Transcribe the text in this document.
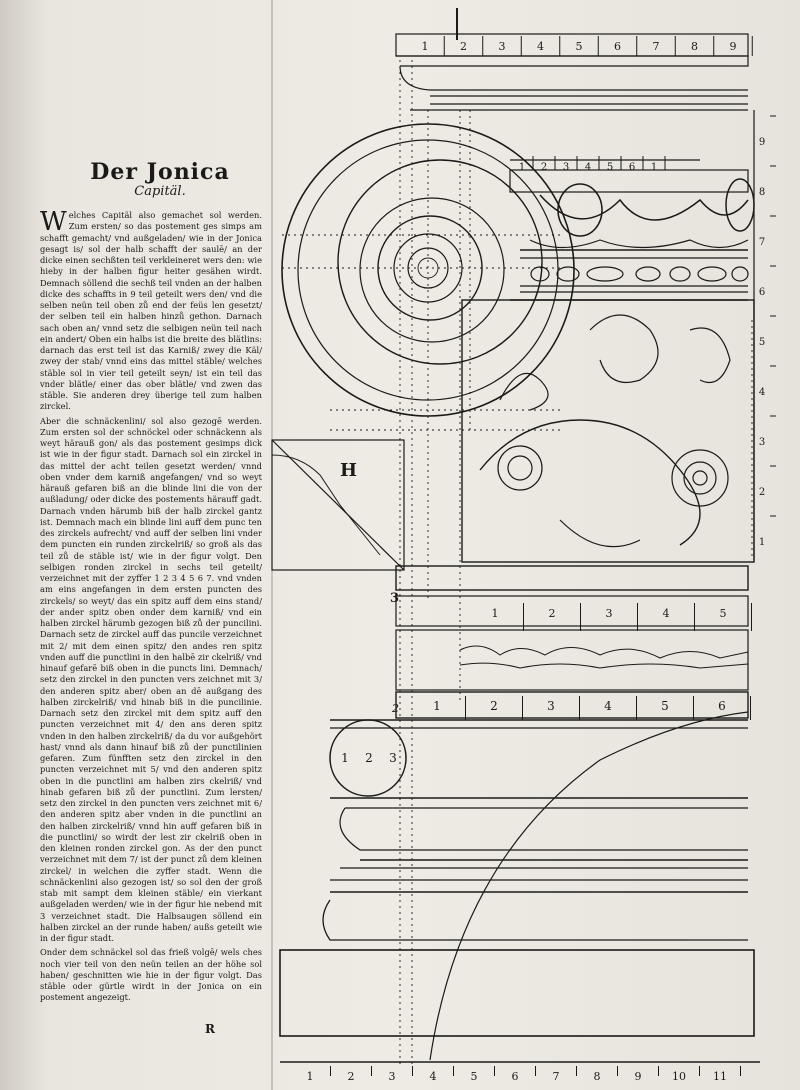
Der Jonica
Capitäl.

Welches Capitäl also gemachet sol werden. Zum ersten/ so das postement ges simps am schafft gemacht/ vnd außgeladen/ wie in der Jonica gesagt is/ sol der halb schafft der saulē/ an der dicke einen sechßten teil verkleineret wers den: wie hieby in der halben figur heiter gesähen wirdt. Demnach söllend die sechß teil vnden an der halben dicke des schaffts in 9 teil geteilt wers den/ vnd die selben neün teil oben zů end der feüs len gesetzt/ der selben teil ein halben hinzů gethon. Darnach sach oben an/ vnnd setz die selbigen neün teil nach ein andert/ Oben ein halbs ist die breite des blätlins: darnach das erst teil ist das Karniß/ zwey die Käl/ zwey der stab/ vnnd eins das mittel stäble/ welches stäble sol in vier teil geteilt seyn/ ist ein teil das vnder blätle/ einer das ober blätle/ vnd zwen das stäble. Sie anderen drey überige teil zum halben zirckel.

Aber die schnäckenlini/ sol also gezogē werden. Zum ersten sol der schnöckel oder schnäckenn als weyt härauß gon/ als das postement gesimps dick ist wie in der figur stadt. Darnach sol ein zirckel in das mittel der acht teilen gesetzt werden/ vnnd oben vnder dem karniß angefangen/ vnd so weyt härauß gefaren biß an die blinde lini die von der außladung/ oder dicke des postements härauff gadt. Darnach vnden härumb biß der halb zirckel gantz ist. Demnach mach ein blinde lini auff dem punc ten des zirckels aufrecht/ vnd auff der selben lini vnder dem puncten ein runden zirckelriß/ so groß als das teil zů de stäble ist/ wie in der figur volgt. Den selbigen ronden zirckel in sechs teil geteilt/ verzeichnet mit der zyffer 1 2 3 4 5 6 7. vnd vnden am eins angefangen in dem ersten puncten des zirckels/ so weyt/ das ein spitz auff dem eins stand/ der ander spitz oben onder dem karniß/ vnd ein halben zirckel härumb gezogen biß zů der puncilini. Darnach setz de zirckel auff das puncile verzeichnet mit 2/ mit dem einen spitz/ den andes ren spitz vnden auff die punctlini in den halbē zir ckelriß/ vnd hinauf gefarē biß oben in die puncts lini. Demnach/ setz den zirckel in den puncten vers zeichnet mit 3/ den anderen spitz aber/ oben an dē außgang des halben zirckelriß/ vnd hinab biß in die puncilinie. Darnach setz den zirckel mit dem spitz auff den puncten verzeichnet mit 4/ den ans deren spitz vnden in den halben zirckelriß/ da du vor außgehört hast/ vnnd als dann hinauf biß zů der punctilinien gefaren. Zum fünfften setz den zirckel in den puncten verzeichnet mit 5/ vnd den anderen spitz oben in die punctlini am halben zirs ckelriß/ vnd hinab gefaren biß zů der punctlini. Zum lersten/ setz den zirckel in den puncten vers zeichnet mit 6/ den anderen spitz aber vnden in die punctlini an den halben zirckelriß/ vnnd hin auff gefaren biß in die punctlini/ so wirdt der lest zir ckelriß oben in den kleinen ronden zirckel gon. As der den punct verzeichnet mit dem 7/ ist der punct zů dem kleinen zirckel/ in welchen die zyffer stadt. Wenn die schnäckenlini also gezogen ist/ so sol den der groß stab mit sampt dem kleinen stäble/ ein vierkant außgeladen werden/ wie in der figur hie nebend mit 3 verzeichnet stadt. Die Halbsaugen söllend ein halben zirckel an der runde haben/ außs geteilt wie in der figur stadt.

Onder dem schnäckel sol das frieß volgē/ wels ches noch vier teil von den neün teilen an der höhe sol haben/ geschnitten wie hie in der figur volgt. Das stäble oder gürtle wirdt in der Jonica on ein postement angezeigt.

R
1	2	3	4	5	6	7	8	9
1 2 3 4 5 6 1
1
2
3
4
5
6
7
8
9
1	2	3	4	5
1	2	3	4	5	6
1 2 3
1	2	3	4	5	6	7	8	9	10 11
H
3
2
